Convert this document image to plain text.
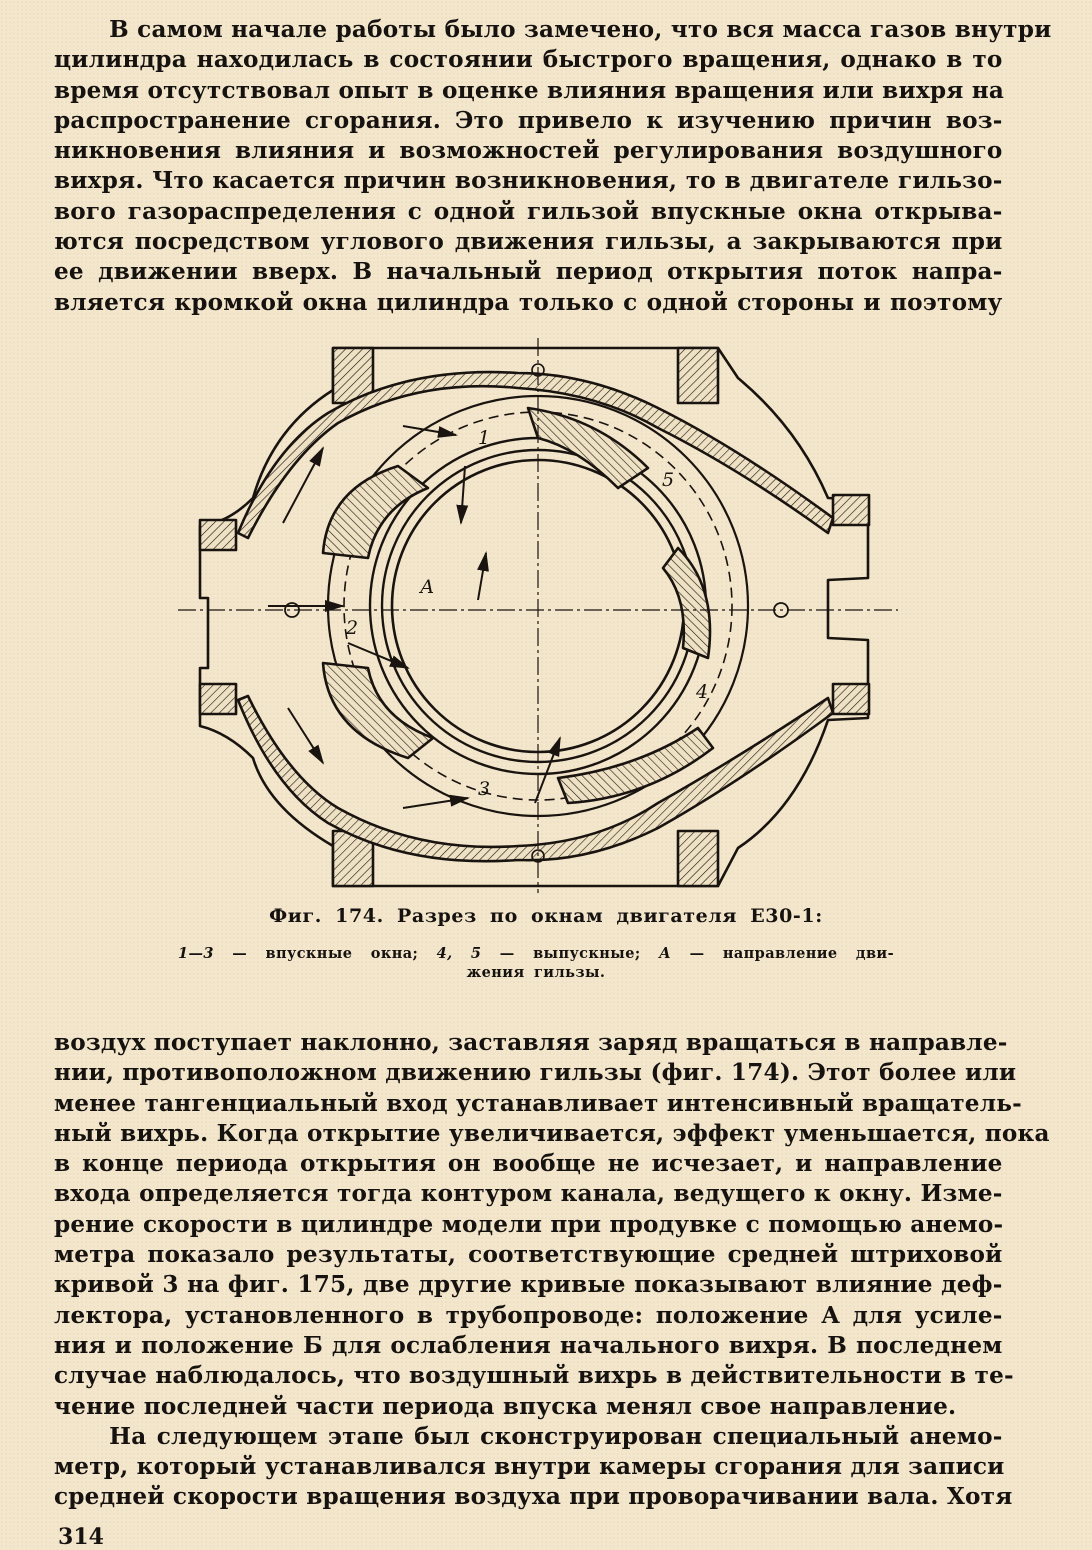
В самом начале работы было замечено, что вся масса газов внутри
цилиндра находилась в состоянии быстрого вращения, однако в то
время отсутствовал опыт в оценке влияния вращения или вихря на
распространение сгорания. Это привело к изучению причин воз-
никновения влияния и возможностей регулирования воздушного
вихря. Что касается причин возникновения, то в двигателе гильзо-
вого газораспределения с одной гильзой впускные окна открыва-
ются посредством углового движения гильзы, а закрываются при
ее движении вверх. В начальный период открытия поток напра-
вляется кромкой окна цилиндра только с одной стороны и поэтому
1
2
3
4
5
А
Фиг. 174. Разрез по окнам двигателя Е30-1:
1—3 — впускные окна; 4, 5 — выпускные; А — направление дви-
жения гильзы.
воздух поступает наклонно, заставляя заряд вращаться в направле-
нии, противоположном движению гильзы (фиг. 174). Этот более или
менее тангенциальный вход устанавливает интенсивный вращатель-
ный вихрь. Когда открытие увеличивается, эффект уменьшается, пока
в конце периода открытия он вообще не исчезает, и направление
входа определяется тогда контуром канала, ведущего к окну. Изме-
рение скорости в цилиндре модели при продувке с помощью анемо-
метра показало результаты, соответствующие средней штриховой
кривой 3 на фиг. 175, две другие кривые показывают влияние деф-
лектора, установленного в трубопроводе: положение А для усиле-
ния и положение Б для ослабления начального вихря. В последнем
случае наблюдалось, что воздушный вихрь в действительности в те-
чение последней части периода впуска менял свое направление.
На следующем этапе был сконструирован специальный анемо-
метр, который устанавливался внутри камеры сгорания для записи
средней скорости вращения воздуха при проворачивании вала. Хотя
314
